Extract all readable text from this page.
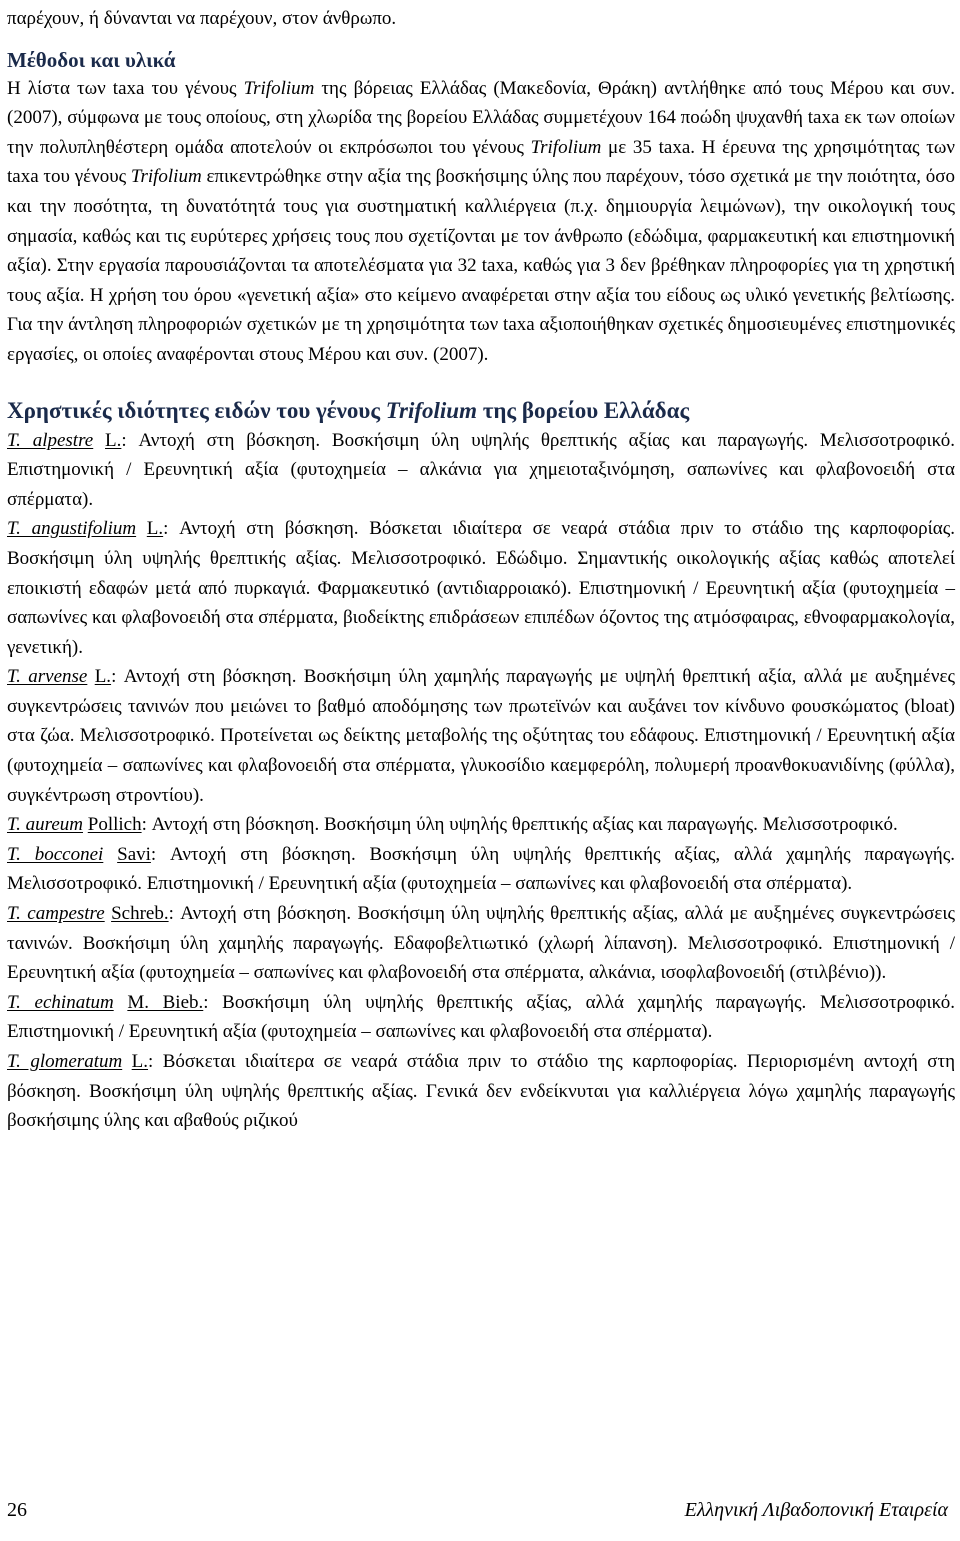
παρέχουν, ή δύνανται να παρέχουν, στον άνθρωπο.

Μέθοδοι και υλικά

Η λίστα των taxa του γένους Trifolium της βόρειας Ελλάδας (Μακεδονία, Θράκη) αντλήθηκε από τους Μέρου και συν. (2007), σύμφωνα με τους οποίους, στη χλωρίδα της βορείου Ελλάδας συμμετέχουν 164 ποώδη ψυχανθή taxa εκ των οποίων την πολυπληθέστερη ομάδα αποτελούν οι εκπρόσωποι του γένους Trifolium με 35 taxa. Η έρευνα της χρησιμότητας των taxa του γένους Trifolium επικεντρώθηκε στην αξία της βοσκήσιμης ύλης που παρέχουν, τόσο σχετικά με την ποιότητα, όσο και την ποσότητα, τη δυνατότητά τους για συστηματική καλλιέργεια (π.χ. δημιουργία λειμώνων), την οικολογική τους σημασία, καθώς και τις ευρύτερες χρήσεις τους που σχετίζονται με τον άνθρωπο (εδώδιμα, φαρμακευτική και επιστημονική αξία). Στην εργασία παρουσιάζονται τα αποτελέσματα για 32 taxa, καθώς για 3 δεν βρέθηκαν πληροφορίες για τη χρηστική τους αξία. Η χρήση του όρου «γενετική αξία» στο κείμενο αναφέρεται στην αξία του είδους ως υλικό γενετικής βελτίωσης. Για την άντληση πληροφοριών σχετικών με τη χρησιμότητα των taxa αξιοποιήθηκαν σχετικές δημοσιευμένες επιστημονικές εργασίες, οι οποίες αναφέρονται στους Μέρου και συν. (2007).

Χρηστικές ιδιότητες ειδών του γένους Trifolium της βορείου Ελλάδας

T. alpestre L.: Αντοχή στη βόσκηση. Βοσκήσιμη ύλη υψηλής θρεπτικής αξίας και παραγωγής. Μελισσοτροφικό. Επιστημονική / Ερευνητική αξία (φυτοχημεία – αλκάνια για χημειοταξινόμηση, σαπωνίνες και φλαβονοειδή στα σπέρματα).

T. angustifolium L.: Αντοχή στη βόσκηση. Βόσκεται ιδιαίτερα σε νεαρά στάδια πριν το στάδιο της καρποφορίας. Βοσκήσιμη ύλη υψηλής θρεπτικής αξίας. Μελισσοτροφικό. Εδώδιμο. Σημαντικής οικολογικής αξίας καθώς αποτελεί εποικιστή εδαφών μετά από πυρκαγιά. Φαρμακευτικό (αντιδιαρροιακό). Επιστημονική / Ερευνητική αξία (φυτοχημεία – σαπωνίνες και φλαβονοειδή στα σπέρματα, βιοδείκτης επιδράσεων επιπέδων όζοντος της ατμόσφαιρας, εθνοφαρμακολογία, γενετική).

T. arvense L.: Αντοχή στη βόσκηση. Βοσκήσιμη ύλη χαμηλής παραγωγής με υψηλή θρεπτική αξία, αλλά με αυξημένες συγκεντρώσεις τανινών που μειώνει το βαθμό αποδόμησης των πρωτεϊνών και αυξάνει τον κίνδυνο φουσκώματος (bloat) στα ζώα. Μελισσοτροφικό. Προτείνεται ως δείκτης μεταβολής της οξύτητας του εδάφους. Επιστημονική / Ερευνητική αξία (φυτοχημεία – σαπωνίνες και φλαβονοειδή στα σπέρματα, γλυκοσίδιο καεμφερόλη, πολυμερή προανθοκυανιδίνης (φύλλα), συγκέντρωση στροντίου).

T. aureum Pollich: Αντοχή στη βόσκηση. Βοσκήσιμη ύλη υψηλής θρεπτικής αξίας και παραγωγής. Μελισσοτροφικό.

T. bocconei Savi: Αντοχή στη βόσκηση. Βοσκήσιμη ύλη υψηλής θρεπτικής αξίας, αλλά χαμηλής παραγωγής. Μελισσοτροφικό. Επιστημονική / Ερευνητική αξία (φυτοχημεία – σαπωνίνες και φλαβονοειδή στα σπέρματα).

T. campestre Schreb.: Αντοχή στη βόσκηση. Βοσκήσιμη ύλη υψηλής θρεπτικής αξίας, αλλά με αυξημένες συγκεντρώσεις τανινών. Βοσκήσιμη ύλη χαμηλής παραγωγής. Εδαφοβελτιωτικό (χλωρή λίπανση). Μελισσοτροφικό. Επιστημονική / Ερευνητική αξία (φυτοχημεία – σαπωνίνες και φλαβονοειδή στα σπέρματα, αλκάνια, ισοφλαβονοειδή (στιλβένιο)).

T. echinatum M. Bieb.: Βοσκήσιμη ύλη υψηλής θρεπτικής αξίας, αλλά χαμηλής παραγωγής. Μελισσοτροφικό. Επιστημονική / Ερευνητική αξία (φυτοχημεία – σαπωνίνες και φλαβονοειδή στα σπέρματα).

T. glomeratum L.: Βόσκεται ιδιαίτερα σε νεαρά στάδια πριν το στάδιο της καρποφορίας. Περιορισμένη αντοχή στη βόσκηση. Βοσκήσιμη ύλη υψηλής θρεπτικής αξίας. Γενικά δεν ενδείκνυται για καλλιέργεια λόγω χαμηλής παραγωγής βοσκήσιμης ύλης και αβαθούς ριζικού

26	Ελληνική Λιβαδοπονική Εταιρεία
